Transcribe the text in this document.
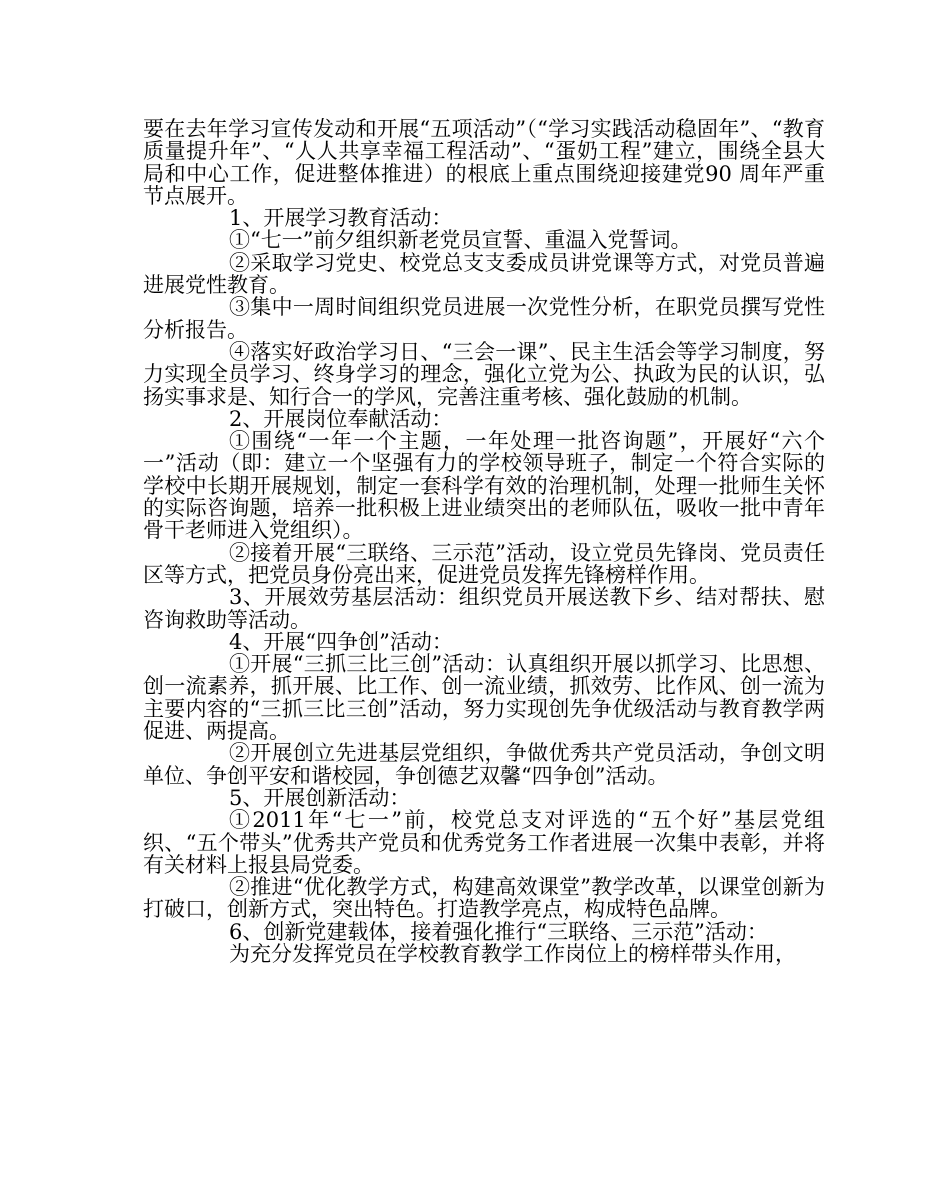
要在去年学习宣传发动和开展“五项活动”（“学习实践活动稳固年”、“教育质量提升年”、“人人共享幸福工程活动”、“蛋奶工程”建立，围绕全县大局和中心工作，促进整体推进）的根底上重点围绕迎接建党90 周年严重节点展开。

1、开展学习教育活动：

①“七一”前夕组织新老党员宣誓、重温入党誓词。

②采取学习党史、校党总支支委成员讲党课等方式，对党员普遍进展党性教育。

③集中一周时间组织党员进展一次党性分析，在职党员撰写党性分析报告。

④落实好政治学习日、“三会一课”、民主生活会等学习制度，努力实现全员学习、终身学习的理念，强化立党为公、执政为民的认识，弘扬实事求是、知行合一的学风，完善注重考核、强化鼓励的机制。

2、开展岗位奉献活动：

①围绕“一年一个主题，一年处理一批咨询题”，开展好“六个一”活动（即：建立一个坚强有力的学校领导班子，制定一个符合实际的学校中长期开展规划，制定一套科学有效的治理机制，处理一批师生关怀的实际咨询题，培养一批积极上进业绩突出的老师队伍，吸收一批中青年骨干老师进入党组织）。

②接着开展“三联络、三示范”活动，设立党员先锋岗、党员责任区等方式，把党员身份亮出来，促进党员发挥先锋榜样作用。

3、开展效劳基层活动：组织党员开展送教下乡、结对帮扶、慰咨询救助等活动。

4、开展“四争创”活动：

①开展“三抓三比三创”活动：认真组织开展以抓学习、比思想、创一流素养，抓开展、比工作、创一流业绩，抓效劳、比作风、创一流为主要内容的“三抓三比三创”活动，努力实现创先争优级活动与教育教学两促进、两提高。

②开展创立先进基层党组织，争做优秀共产党员活动，争创文明单位、争创平安和谐校园，争创德艺双馨“四争创”活动。

5、开展创新活动：

①2011年“七一”前，校党总支对评选的“五个好”基层党组织、“五个带头”优秀共产党员和优秀党务工作者进展一次集中表彰，并将有关材料上报县局党委。

②推进“优化教学方式，构建高效课堂”教学改革，以课堂创新为打破口，创新方式，突出特色。打造教学亮点，构成特色品牌。

6、创新党建载体，接着强化推行“三联络、三示范”活动：

为充分发挥党员在学校教育教学工作岗位上的榜样带头作用，
